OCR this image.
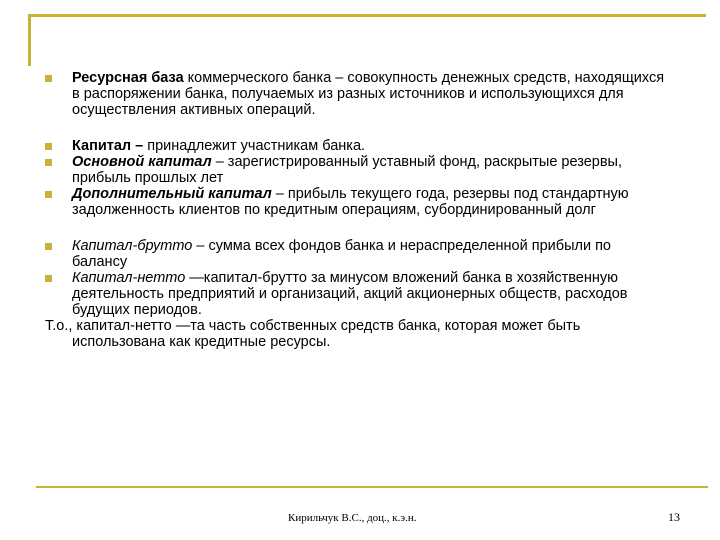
Ресурсная база коммерческого банка – совокупность денежных средств, находящихся в распоряжении банка, получаемых из разных источников и использующихся для осуществления активных операций.
Капитал – принадлежит участникам банка.
Основной капитал – зарегистрированный уставный фонд, раскрытые резервы, прибыль прошлых лет
Дополнительный капитал – прибыль текущего года, резервы под стандартную задолженность клиентов по кредитным операциям, субординированный долг
Капитал-брутто – сумма всех фондов банка и нераспределенной прибыли по балансу
Капитал-нетто —капитал-брутто за минусом вложений банка в хозяйственную деятельность предприятий и организаций, акций акционерных обществ, расходов будущих периодов.
Т.о., капитал-нетто —та часть собственных средств банка, которая может быть использована как кредитные ресурсы.
Кирильчук В.С., доц., к.э.н.	13
